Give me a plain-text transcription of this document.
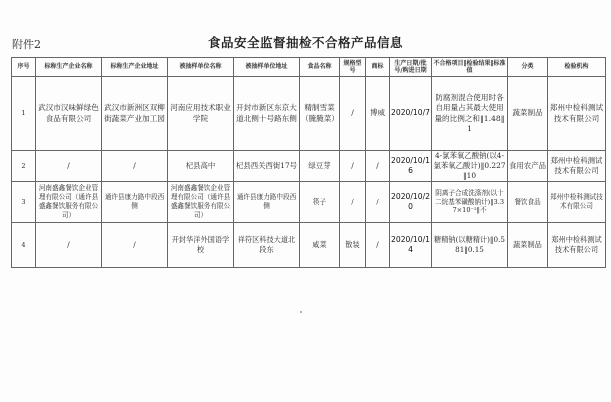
附件2	食品安全监督抽检不合格产品信息
序号	标称生产企业名称	标称生产企业地址	被抽样单位名称	被抽样单位地址	食品名称	规格型号	商标	生产日期/批号/购进日期	不合格项目‖检验结果‖标准值	分类	检验机构
1	武汉市汉味鲜绿色食品有限公司	武汉市新洲区双柳街蔬菜产业加工园	河南应用技术职业学院	开封市新区东京大道北侧十号路东侧	精制雪菜（腌腌菜）	/	博威	2020/10/7	防腐剂混合使用时各自用量占其最大使用量的比例之和‖1.48‖1	蔬菜制品	郑州中检科测试技术有限公司
2	/	/	杞县高中	杞县西关西街17号	绿豆芽	/	/	2020/10/16	4-氯苯氧乙酸钠(以4-氯苯氧乙酸计)‖0.227‖10	食用农产品	郑州中检科测试技术有限公司
3	河南盛鑫餐饮企业管理有限公司（通许县盛鑫餐饮服务有限公司）	通许县康力路中段西侧	河南盛鑫餐饮企业管理有限公司（通许县盛鑫餐饮服务有限公司）	通许县康力路中段西侧	筷子	/	/	2020/10/20	阴离子合成洗涤剂(以十二烷基苯磺酸钠计)‖3.37×10⁻²‖不	餐饮食品	郑州中检科测试技术有限公司
4	/	/	开封华洋外国语学校	祥符区科技大道北段东	咸菜	散装	/	2020/10/14	糖精钠(以糖精计)‖0.581‖0.15	蔬菜制品	郑州中检科测试技术有限公司
